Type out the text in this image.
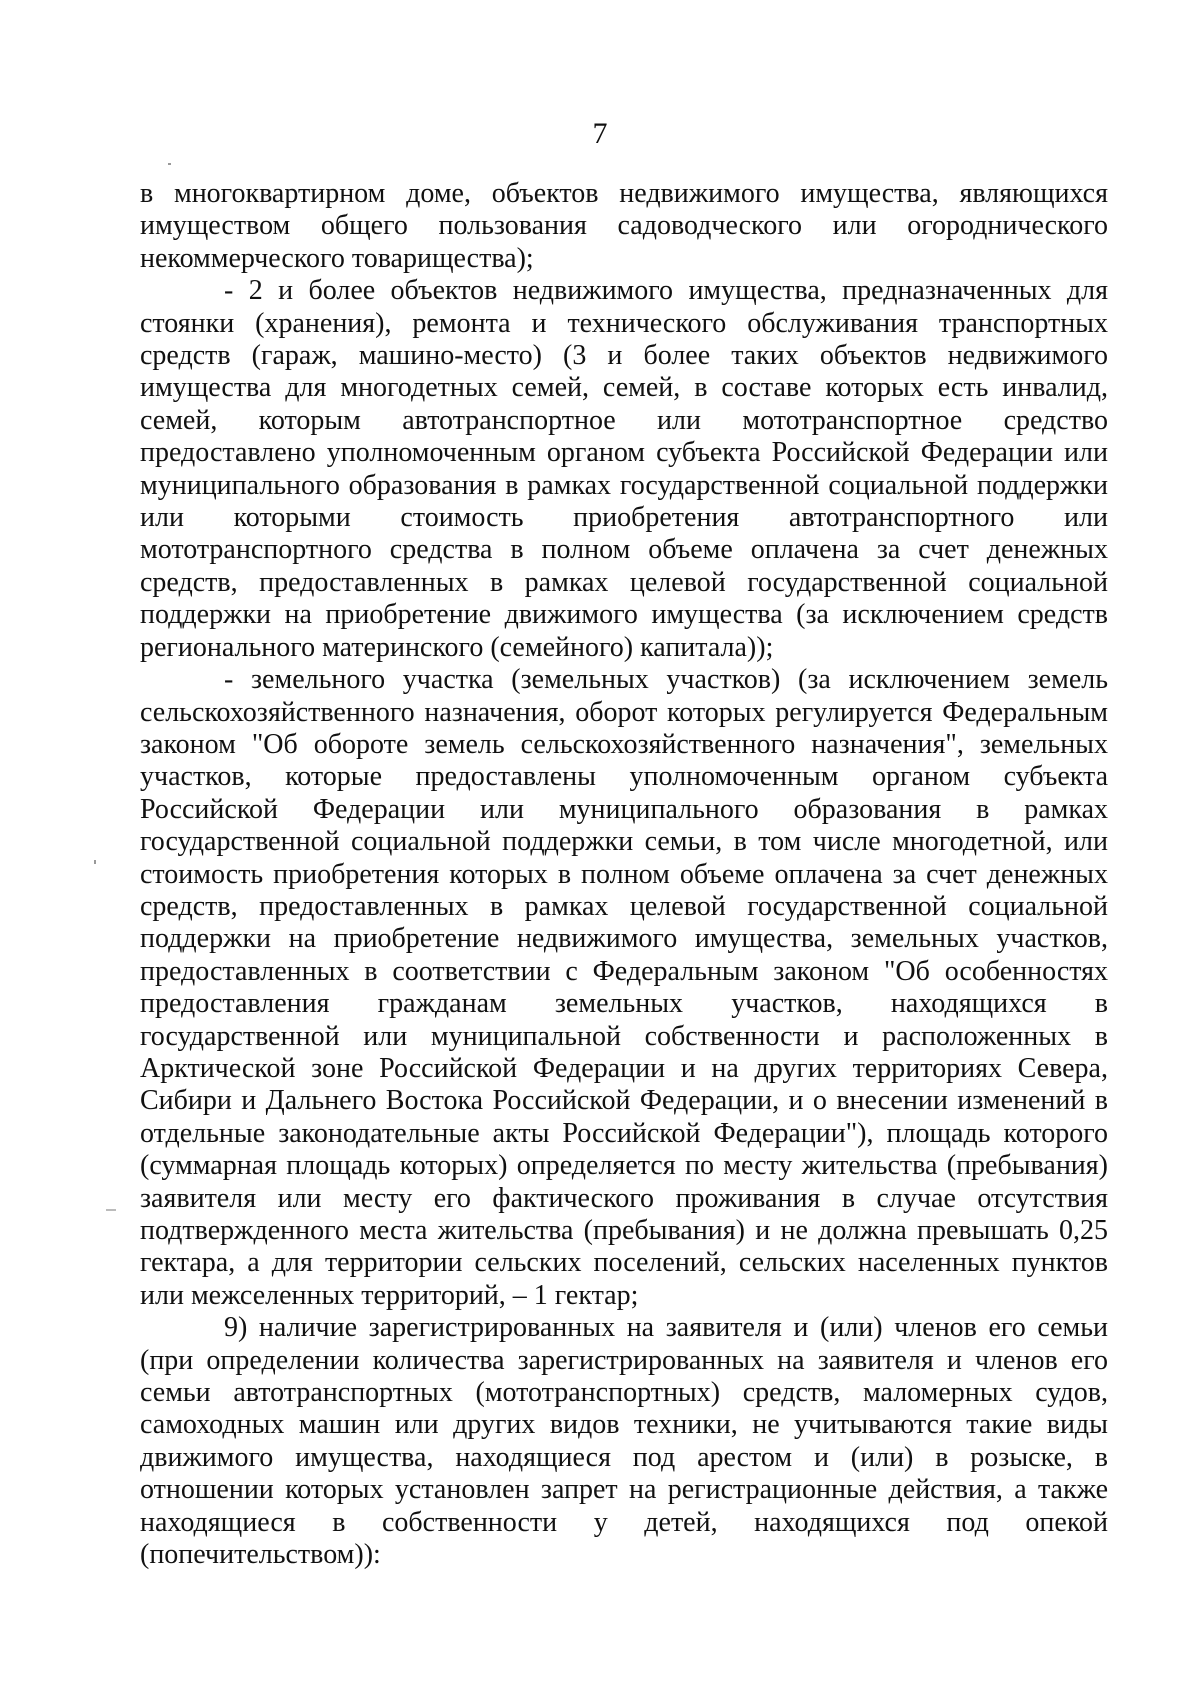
7

в многоквартирном доме, объектов недвижимого имущества, являющихся имуществом общего пользования садоводческого или огороднического некоммерческого товарищества);

- 2 и более объектов недвижимого имущества, предназначенных для стоянки (хранения), ремонта и технического обслуживания транспортных средств (гараж, машино-место) (3 и более таких объектов недвижимого имущества для многодетных семей, семей, в составе которых есть инвалид, семей, которым автотранспортное или мототранспортное средство предоставлено уполномоченным органом субъекта Российской Федерации или муниципального образования в рамках государственной социальной поддержки или которыми стоимость приобретения автотранспортного или мототранспортного средства в полном объеме оплачена за счет денежных средств, предоставленных в рамках целевой государственной социальной поддержки на приобретение движимого имущества (за исключением средств регионального материнского (семейного) капитала));

- земельного участка (земельных участков) (за исключением земель сельскохозяйственного назначения, оборот которых регулируется Федеральным законом "Об обороте земель сельскохозяйственного назначения", земельных участков, которые предоставлены уполномоченным органом субъекта Российской Федерации или муниципального образования в рамках государственной социальной поддержки семьи, в том числе многодетной, или стоимость приобретения которых в полном объеме оплачена за счет денежных средств, предоставленных в рамках целевой государственной социальной поддержки на приобретение недвижимого имущества, земельных участков, предоставленных в соответствии с Федеральным законом "Об особенностях предоставления гражданам земельных участков, находящихся в государственной или муниципальной собственности и расположенных в Арктической зоне Российской Федерации и на других территориях Севера, Сибири и Дальнего Востока Российской Федерации, и о внесении изменений в отдельные законодательные акты Российской Федерации"), площадь которого (суммарная площадь которых) определяется по месту жительства (пребывания) заявителя или месту его фактического проживания в случае отсутствия подтвержденного места жительства (пребывания) и не должна превышать 0,25 гектара, а для территории сельских поселений, сельских населенных пунктов или межселенных территорий, – 1 гектар;

9) наличие зарегистрированных на заявителя и (или) членов его семьи (при определении количества зарегистрированных на заявителя и членов его семьи автотранспортных (мототранспортных) средств, маломерных судов, самоходных машин или других видов техники, не учитываются такие виды движимого имущества, находящиеся под арестом и (или) в розыске, в отношении которых установлен запрет на регистрационные действия, а также находящиеся в собственности у детей, находящихся под опекой (попечительством)):
